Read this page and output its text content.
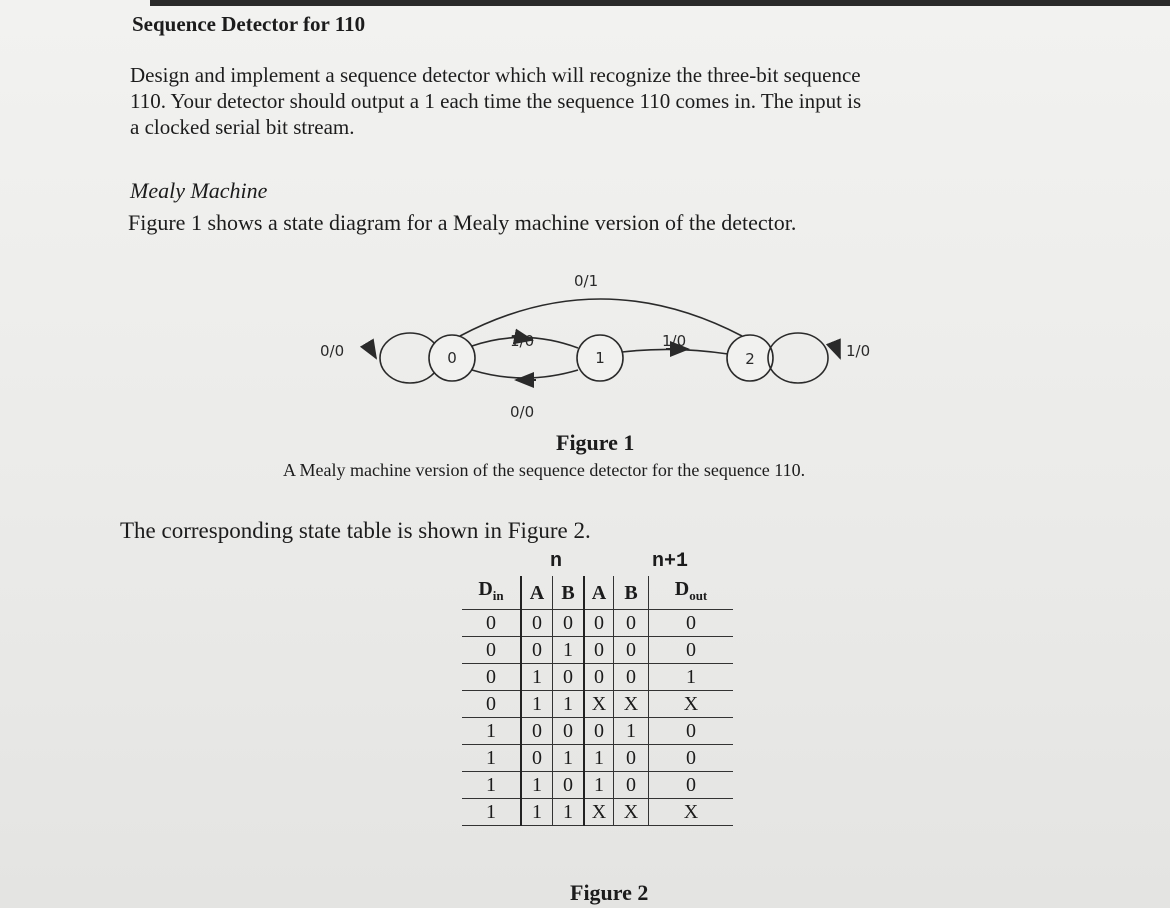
Sequence Detector for 110
Design and implement a sequence detector which will recognize the three-bit sequence
110. Your detector should output a 1 each time the sequence 110 comes in. The input is
a clocked serial bit stream.
Mealy Machine
Figure 1 shows a state diagram for a Mealy machine version of the detector.
0	1	2
0/0
1/0
0/0
1/0
0/1
1/0
Figure 1
A Mealy machine version of the sequence detector for the sequence 110.
The corresponding state table is shown in Figure 2.
n	n+1
$D_{in}$	A	B	A	B	$D_{out}$
0	0	0	0	0	0
0	0	1	0	0	0
0	1	0	0	0	1
0	1	1	X	X	X
1	0	0	0	1	0
1	0	1	1	0	0
1	1	0	1	0	0
1	1	1	X	X	X
Figure 2
